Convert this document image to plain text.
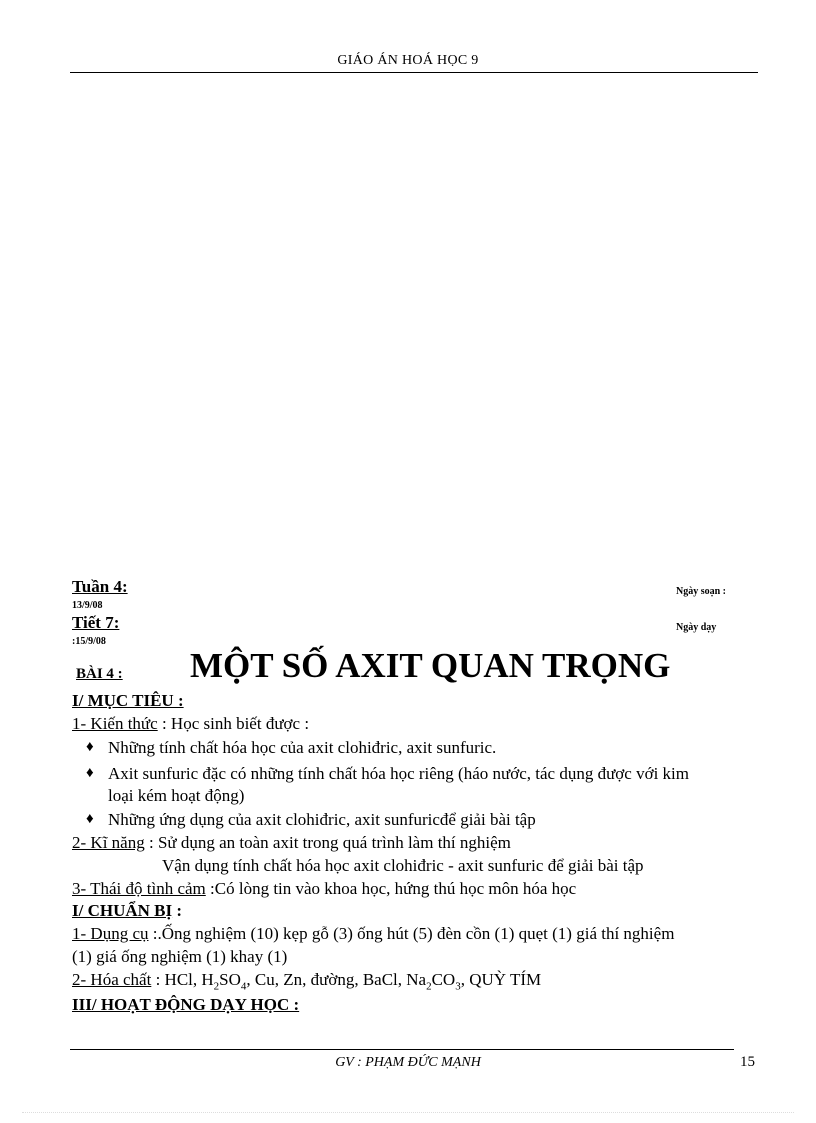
GIÁO ÁN HOÁ HỌC 9
Tuần 4:
13/9/08
Tiết 7:
:15/9/08
Ngày soạn :
Ngày dạy
BÀI 4 : MỘT SỐ AXIT QUAN TRỌNG
I/ MỤC TIÊU :
1- Kiến thức : Học sinh biết được :
♦ Những tính chất hóa học của axit clohiđric, axit sunfuric.
♦ Axit sunfuric đặc có những tính chất hóa học riêng (háo nước, tác dụng được với kim
loại kém hoạt động)
♦ Những ứng dụng của axit clohiđric, axit sunfuricđể giải bài tập
2- Kĩ năng : Sử dụng an toàn axit trong quá trình làm thí nghiệm
Vận dụng tính chất hóa học axit clohiđric - axit sunfuric để giải bài tập
3- Thái độ tình cảm :Có lòng tin vào khoa học, hứng thú học môn hóa học
I/ CHUẨN BỊ :
1- Dụng cụ :.Ống nghiệm (10) kẹp gỗ (3) ống hút (5) đèn cồn (1) quẹt (1) giá thí nghiệm
(1) giá ống nghiệm (1) khay (1)
2- Hóa chất : HCl, $H_2SO_4$, Cu, Zn, đường, BaCl, $Na_2CO_3$, QUỲ TÍM
III/ HOẠT ĐỘNG DẠY HỌC :
GV : PHẠM ĐỨC MẠNH	15
